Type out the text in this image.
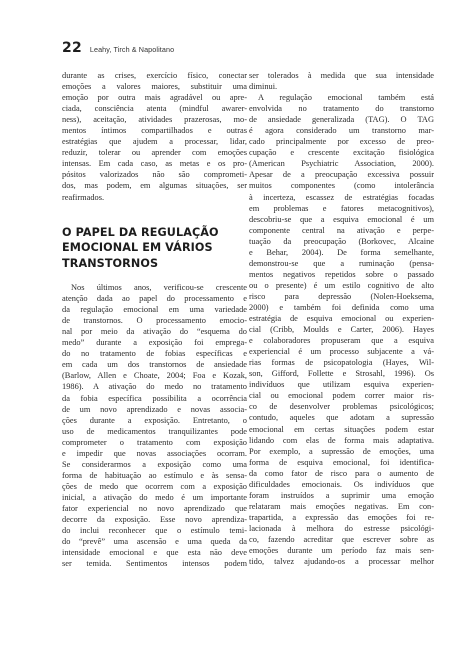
22 Leahy, Tirch & Napolitano
durante as crises, exercício físico, conectar
emoções a valores maiores, substituir uma
emoção por outra mais agradável ou apre-
ciada, consciência atenta (mindful awarer-
ness), aceitação, atividades prazerosas, mo-
mentos íntimos compartilhados e outras
estratégias que ajudem a processar, lidar,
reduzir, tolerar ou aprender com emoções
intensas. Em cada caso, as metas e os pro-
pósitos valorizados não são comprometi-
dos, mas podem, em algumas situações, ser
reafirmados.
O PAPEL DA REGULAÇÃO
EMOCIONAL EM VÁRIOS
TRANSTORNOS
Nos últimos anos, verificou-se crescente
atenção dada ao papel do processamento e
da regulação emocional em uma variedade
de transtornos. O processamento emocio-
nal por meio da ativação do “esquema do
medo” durante a exposição foi emprega-
do no tratamento de fobias específicas e
em cada um dos transtornos de ansiedade
(Barlow, Allen e Choate, 2004; Foa e Kozak,
1986). A ativação do medo no tratamento
da fobia específica possibilita a ocorrência
de um novo aprendizado e novas associa-
ções durante a exposição. Entretanto, o
uso de medicamentos tranquilizantes pode
comprometer o tratamento com exposição
e impedir que novas associações ocorram.
Se considerarmos a exposição como uma
forma de habituação ao estímulo e às sensa-
ções de medo que ocorrem com a exposição
inicial, a ativação do medo é um importante
fator experiencial no novo aprendizado que
decorre da exposição. Esse novo aprendiza-
do inclui reconhecer que o estímulo temi-
do “prevê” uma ascensão e uma queda da
intensidade emocional e que esta não deve
ser temida. Sentimentos intensos podem
ser tolerados à medida que sua intensidade
diminui.
A regulação emocional também está
envolvida no tratamento do transtorno
de ansiedade generalizada (TAG). O TAG
é agora considerado um transtorno mar-
cado principalmente por excesso de preo-
cupação e crescente excitação fisiológica
(American Psychiatric Association, 2000).
Apesar de a preocupação excessiva possuir
muitos componentes (como intolerância
à incerteza, escassez de estratégias focadas
em problemas e fatores metacognitivos),
descobriu-se que a esquiva emocional é um
componente central na ativação e perpe-
tuação da preocupação (Borkovec, Alcaine
e Behar, 2004). De forma semelhante,
demonstrou-se que a ruminação (pensa-
mentos negativos repetidos sobre o passado
ou o presente) é um estilo cognitivo de alto
risco para depressão (Nolen-Hoeksema,
2000) e também foi definida como uma
estratégia de esquiva emocional ou experien-
cial (Cribb, Moulds e Carter, 2006). Hayes
e colaboradores propuseram que a esquiva
experiencial é um processo subjacente a vá-
rias formas de psicopatologia (Hayes, Wil-
son, Gifford, Follette e Strosahl, 1996). Os
indivíduos que utilizam esquiva experien-
cial ou emocional podem correr maior ris-
co de desenvolver problemas psicológicos;
contudo, aqueles que adotam a supressão
emocional em certas situações podem estar
lidando com elas de forma mais adaptativa.
Por exemplo, a supressão de emoções, uma
forma de esquiva emocional, foi identifica-
da como fator de risco para o aumento de
dificuldades emocionais. Os indivíduos que
foram instruídos a suprimir uma emoção
relataram mais emoções negativas. Em con-
trapartida, a expressão das emoções foi re-
lacionada à melhora do estresse psicológi-
co, fazendo acreditar que escrever sobre as
emoções durante um período faz mais sen-
tido, talvez ajudando-os a processar melhor
